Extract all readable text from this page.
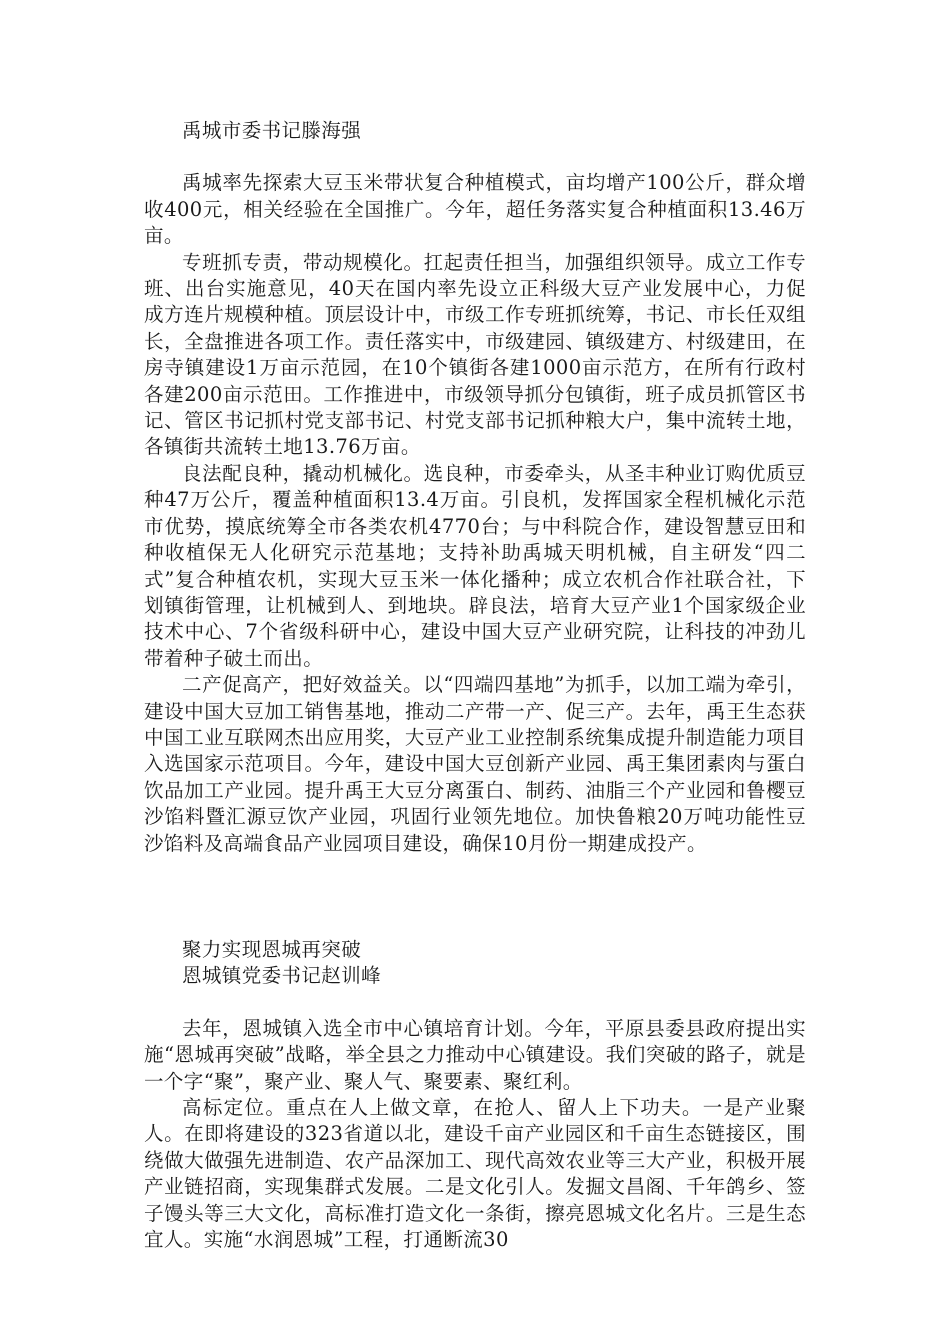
禹城市委书记滕海强

禹城率先探索大豆玉米带状复合种植模式，亩均增产100公斤，群众增收400元，相关经验在全国推广。今年，超任务落实复合种植面积13.46万亩。

专班抓专责，带动规模化。扛起责任担当，加强组织领导。成立工作专班、出台实施意见，40天在国内率先设立正科级大豆产业发展中心，力促成方连片规模种植。顶层设计中，市级工作专班抓统筹，书记、市长任双组长，全盘推进各项工作。责任落实中，市级建园、镇级建方、村级建田，在房寺镇建设1万亩示范园，在10个镇街各建1000亩示范方，在所有行政村各建200亩示范田。工作推进中，市级领导抓分包镇街，班子成员抓管区书记、管区书记抓村党支部书记、村党支部书记抓种粮大户，集中流转土地，各镇街共流转土地13.76万亩。

良法配良种，撬动机械化。选良种，市委牵头，从圣丰种业订购优质豆种47万公斤，覆盖种植面积13.4万亩。引良机，发挥国家全程机械化示范市优势，摸底统筹全市各类农机4770台；与中科院合作，建设智慧豆田和种收植保无人化研究示范基地；支持补助禹城天明机械，自主研发“四二式”复合种植农机，实现大豆玉米一体化播种；成立农机合作社联合社，下划镇街管理，让机械到人、到地块。辟良法，培育大豆产业1个国家级企业技术中心、7个省级科研中心，建设中国大豆产业研究院，让科技的冲劲儿带着种子破土而出。

二产促高产，把好效益关。以“四端四基地”为抓手，以加工端为牵引，建设中国大豆加工销售基地，推动二产带一产、促三产。去年，禹王生态获中国工业互联网杰出应用奖，大豆产业工业控制系统集成提升制造能力项目入选国家示范项目。今年，建设中国大豆创新产业园、禹王集团素肉与蛋白饮品加工产业园。提升禹王大豆分离蛋白、制药、油脂三个产业园和鲁樱豆沙馅料暨汇源豆饮产业园，巩固行业领先地位。加快鲁粮20万吨功能性豆沙馅料及高端食品产业园项目建设，确保10月份一期建成投产。

聚力实现恩城再突破

恩城镇党委书记赵训峰

去年，恩城镇入选全市中心镇培育计划。今年，平原县委县政府提出实施“恩城再突破”战略，举全县之力推动中心镇建设。我们突破的路子，就是一个字“聚”，聚产业、聚人气、聚要素、聚红利。

高标定位。重点在人上做文章，在抢人、留人上下功夫。一是产业聚人。在即将建设的323省道以北，建设千亩产业园区和千亩生态链接区，围绕做大做强先进制造、农产品深加工、现代高效农业等三大产业，积极开展产业链招商，实现集群式发展。二是文化引人。发掘文昌阁、千年鸽乡、签子馒头等三大文化，高标准打造文化一条街，擦亮恩城文化名片。三是生态宜人。实施“水润恩城”工程，打通断流30
